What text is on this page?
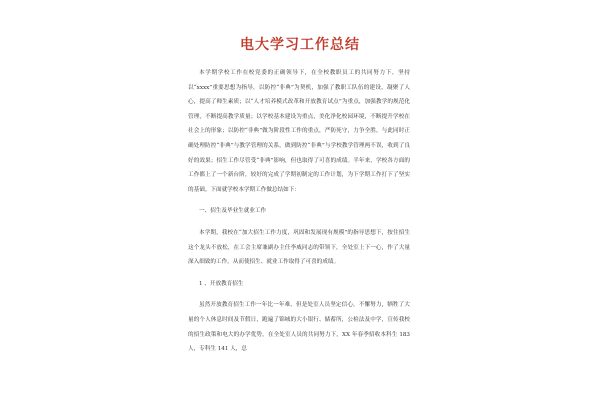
电大学习工作总结

本学期学校工作在校党委的正确领导下，在全校教职员工的共同努力下，坚持以“xxxx”重要思想为指导，以防控“非典”为契机，加强了教职工队伍的建设，凝聚了人心，提高了师生素质；以“人才培养模式改革和开放教育试点”为重点，加强教学的规范化管理，不断提高教学质量；以学校基本建设为重点，美化净化校园环境，不断提升学校在社会上的形象；以防控“非典”做为阶段性工作的重点，严防死守，力争全胜，与此同时正确处理防控“非典”与教学管理的关系，做到防控“非典”与学校教学管理两不误，收到了良好的效果；招生工作尽管受“非典”影响，但也取得了可喜的成绩。半年来，学校各方面的工作都上了一个新台阶，较好的完成了学期初制定的工作计划，为下学期工作打下了坚实的基础。下面就学校本学期工作做总结如下：

一、招生及毕业生就业工作

本学期，我校在“加大招生工作力度，巩固和发展现有规模”的指导思想下，按住招生这个龙头不放松，在工会主席兼副办主任李威同志的带领下，全处室上下一心，作了大量深入细致的工作，从而使招生、就业工作取得了可喜的成绩。

1 、开放教育招生

虽然开放教育招生工作一年比一年难，但是处室人员坚定信心，不懈努力，牺牲了大量的个人休息时间及节假日，跑遍了锦城的大小银行、储蓄所，公检法及中学，宣传我校的招生政策和电大的办学优势，在全处室人员的共同努力下，XX 年春季招收本科生 183 人，专科生 141 人，总
